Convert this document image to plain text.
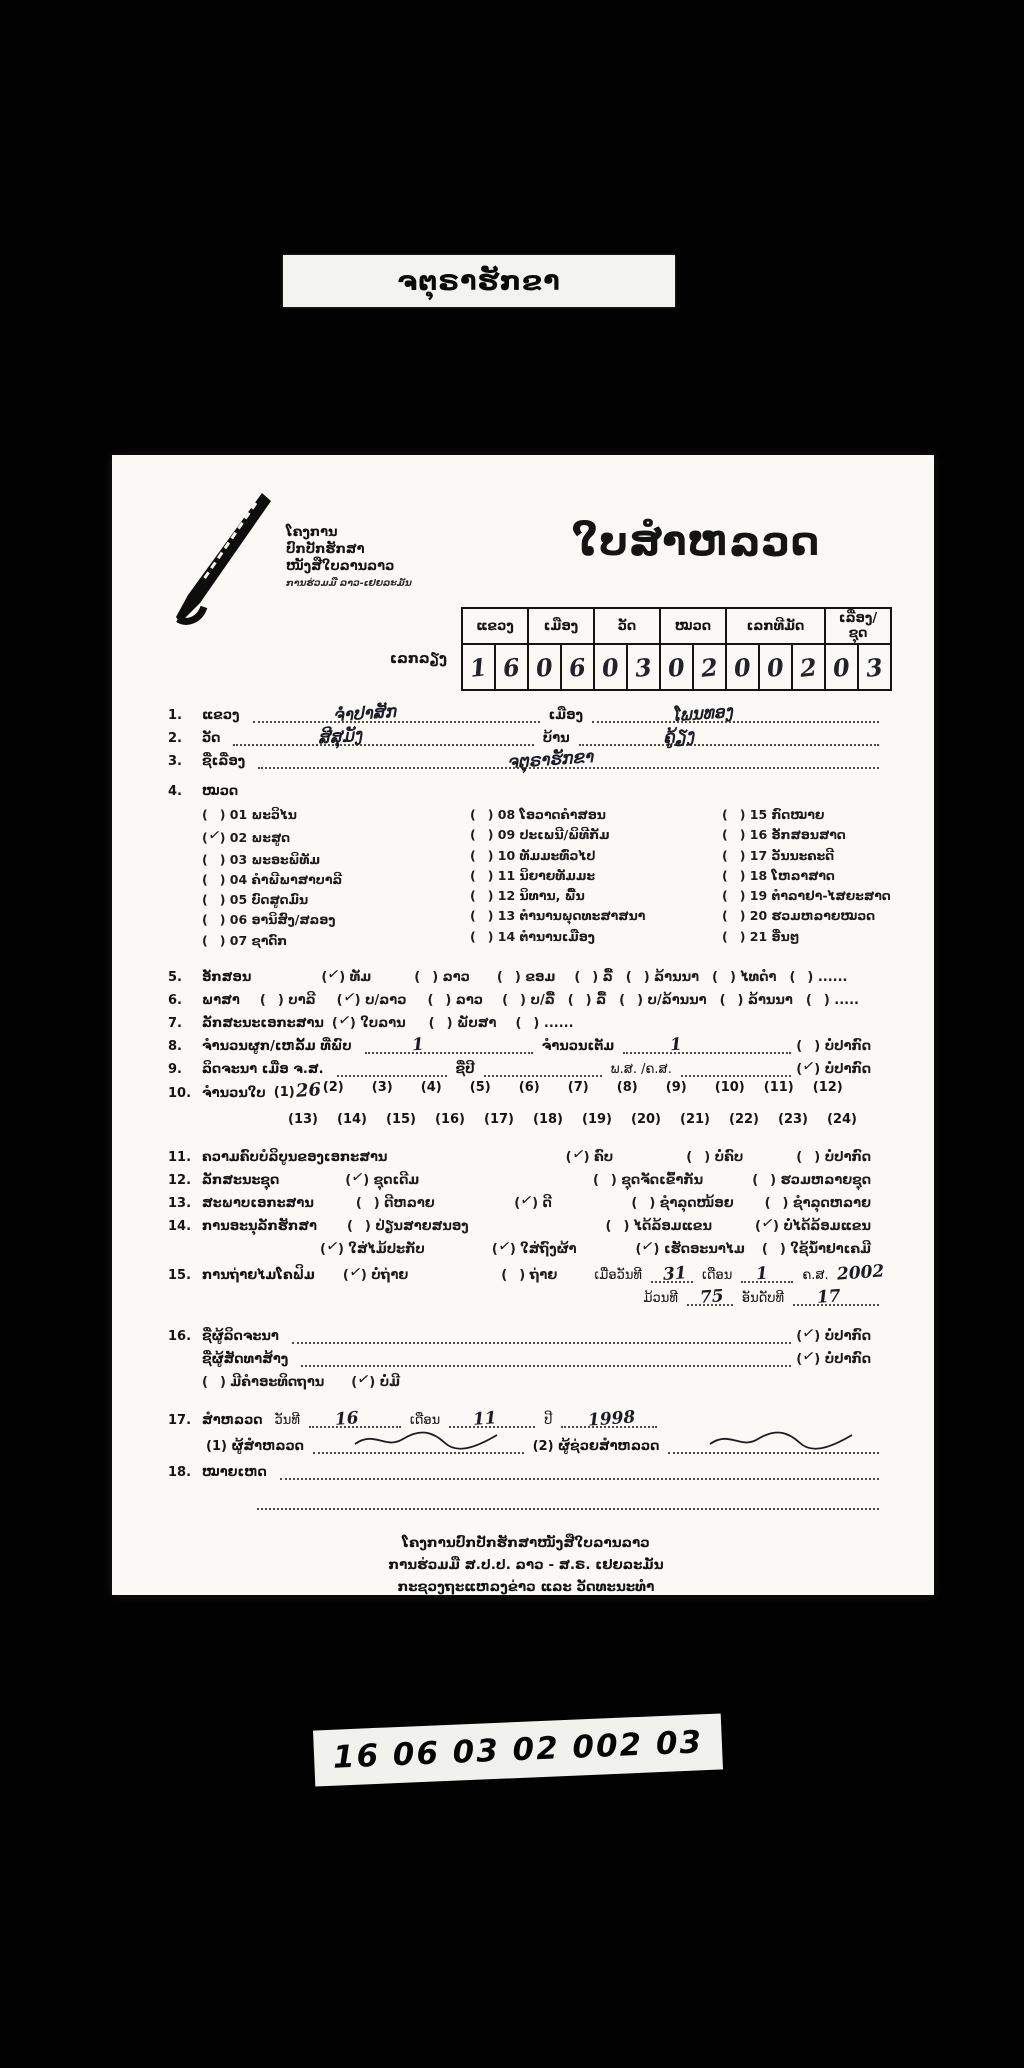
ຈຕຸຣາຮັກຂາ
ໂຄງການ
ປົກປັກຮັກສາ
ໜັງສືໃບລານລາວ
ການຮ່ວມມື ລາວ-ເຢຍລະມັນ
ໃບສຳຫລວດ
ເລກລຽງ
ແຂວງ		ເມືອງ		ວັດ		ໝວດ		ເລກທີມັດ			ເລື່ອງ/ຊຸດ	
1	6	0	6	0	3	0	2	0	0	2	0	3
1.	ແຂວງ	ຈຳປາສັກ	ເມືອງ	ໂພນທອງ
2.	ວັດ	ສີສຸມັງ	ບ້ານ	ຄູ້ຽງ
3.	ຊື່ເລື່ອງ	ຈຕຸຣາຮັກຂາ
4.	ໝວດ
( ) 01 ພະວິໄນ
(✓) 02 ພະສູດ
( ) 03 ພະອະພິທັມ
( ) 04 ຄຳພີພາສາບາລີ
( ) 05 ບົດສູດມົນ
( ) 06 ອານິສົງ/ສລອງ
( ) 07 ຊາດົກ
( ) 08 ໂອວາດຄຳສອນ
( ) 09 ປະເພນີ/ພິທີກັມ
( ) 10 ທັມມະທົ່ວໄປ
( ) 11 ນິຍາຍທັມມະ
( ) 12 ນິທານ, ພື້ນ
( ) 13 ຕຳນານພຸດທະສາສນາ
( ) 14 ຕຳນານເມືອງ
( ) 15 ກົດໝາຍ
( ) 16 ອັກສອນສາດ
( ) 17 ວັນນະຄະດີ
( ) 18 ໂຫລາສາດ
( ) 19 ຕຳລາຢາ-ໄສຍະສາດ
( ) 20 ຮວມຫລາຍໝວດ
( ) 21 ອື່ນໆ
5.	ອັກສອນ	(✓) ທັມ	( ) ລາວ ( ) ຂອມ ( ) ລື້ ( ) ລ້ານນາ ( ) ໄທດຳ ( ) ......
6.	ພາສາ ( ) ບາລີ (✓) ບ/ລາວ ( ) ລາວ ( ) ບ/ລື້ ( ) ລື້ ( ) ບ/ລ້ານນາ ( ) ລ້ານນາ ( ) .....
7.	ລັກສະນະເອກະສານ (✓) ໃບລານ ( ) ພັບສາ ( ) ......
8.	ຈຳນວນຜູກ/ເຫລັ້ມ ທີ່ພົບ	1	ຈຳນວນເຕັມ	1	( ) ບໍ່ປາກົດ
9.	ລິດຈະນາ ເມື່ອ ຈ.ສ.	ຊື່ປີ	ພ.ສ. /ຄ.ສ.	(✓) ບໍ່ປາກົດ
10. ຈຳນວນໃບ (1)26 (2)	(3)	(4)	(5)	(6)	(7)	(8)	(9)	(10)	(11)	(12)

(13)	(14)	(15)	(16)	(17)	(18)	(19)	(20)	(21)	(22)	(23)	(24)
11. ຄວາມຄົບບໍລິບູນຂອງເອກະສານ	(✓) ຄົບ	( ) ບໍ່ຄົບ	( ) ບໍ່ປາກົດ
12. ລັກສະນະຊຸດ	(✓) ຊຸດເດີມ	( ) ຊຸດຈັດເຂົ້າກັນ	( ) ຮວມຫລາຍຊຸດ
13. ສະພາບເອກະສານ	( ) ດີຫລາຍ	(✓) ດີ	( ) ຊຳລຸດໜ້ອຍ ( ) ຊຳລຸດຫລາຍ
14. ການອະນຸລັກຮັກສາ ( ) ປ່ຽນສາຍສນອງ	( ) ໄດ້ລ້ອມແຂນ	(✓) ບໍ່ໄດ້ລ້ອມແຂນ

(✓) ໃສ່ໄມ້ປະກັບ	(✓) ໃສ່ຖົງຜ້າ	(✓) ເຮັດອະນາໄມ ( ) ໃຊ້ນ້ຳຢາເຄມີ
15. ການຖ່າຍໄມໂຄຟິມ (✓) ບໍ່ຖ່າຍ	( ) ຖ່າຍ	ເມື່ອວັນທີ 31 ເດືອນ 1	ຄ.ສ. 2002

ມ້ວນທີ 75 ອັນດັບທີ 17
16. ຊື່ຜູ້ລິດຈະນາ	(✓) ບໍ່ປາກົດ

ຊື່ຜູ້ສັດທາສ້າງ	(✓) ບໍ່ປາກົດ

( ) ມີຄຳອະທິດຖານ (✓) ບໍ່ມີ
17. ສຳຫລວດ ວັນທີ 16	ເດືອນ 11	ປີ 1998

(1) ຜູ້ສຳຫລວດ	(2) ຜູ້ຊ່ວຍສຳຫລວດ
18. ໝາຍເຫດ

ໂຄງການປົກປັກຮັກສາໜັງສືໃບລານລາວ
ການຮ່ວມມື ສ.ປ.ປ. ລາວ - ສ.ຣ. ເຢຍລະມັນ
ກະຊວງຖະແຫລງຂ່າວ ແລະ ວັດທະນະທຳ
16 06 03 02 002 03
